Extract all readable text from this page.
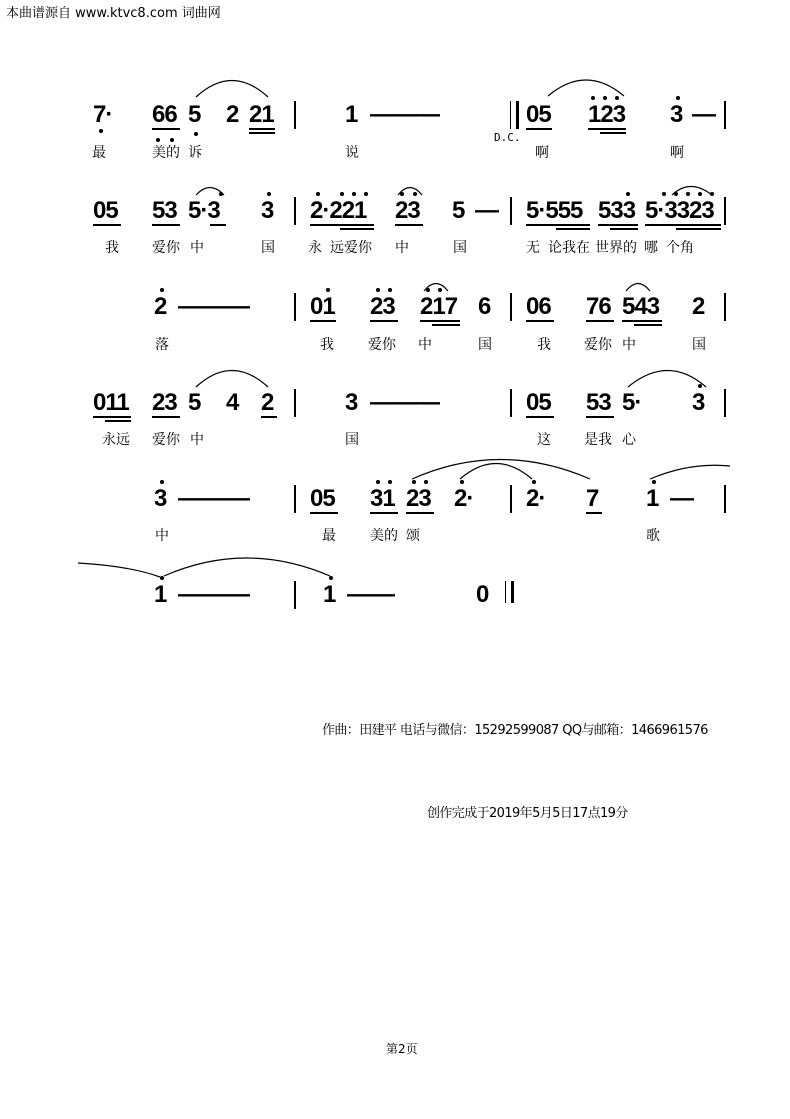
本曲谱源自 www.ktvc8.com 词曲网
7· 66 5 2 21	1 — — —
D.C.
05 123 3 —
最	美的 诉	说	啊	啊
05 53 5·3 3 2·221 23 5 — 5·555 533 5·3323
我 爱你 中	国 永 远爱你 中	国	无 论我在 世界的 哪 个角
2 — — —	01 23 217 6 06 76 543 2
落	我 爱你 中	国	我 爱你 中	国
011 23 5 4 2	3 — — —	05 53 5· 3
永远 爱你 中	国	这 是我 心
3 — — —	05 31 23 2· 2· 7 1 —
中	最 美的 颂	歌
1 — — —	1 — —	0
作曲：田建平 电话与微信：15292599087 QQ与邮箱：1466961576
创作完成于2019年5月5日17点19分
第2页
